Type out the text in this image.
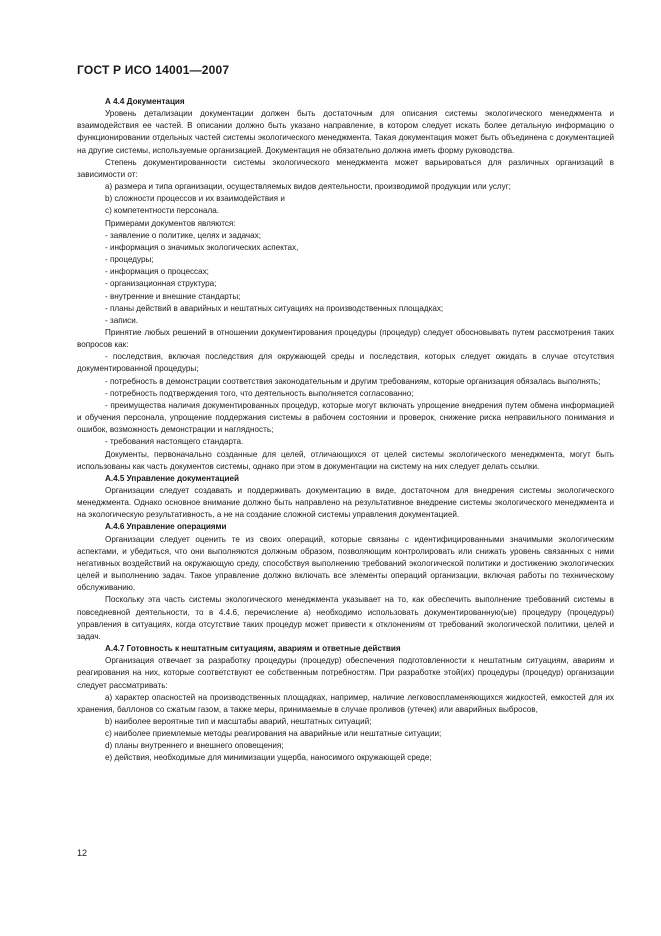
ГОСТ Р ИСО 14001—2007

А 4.4 Документация

Уровень детализации документации должен быть достаточным для описания системы экологического менеджмента и взаимодействия ее частей. В описании должно быть указано направление, в котором следует искать более детальную информацию о функционировании отдельных частей системы экологического менеджмента. Такая документация может быть объединена с документацией на другие системы, используемые организацией. Документация не обязательно должна иметь форму руководства.

Степень документированности системы экологического менеджмента может варьироваться для различных организаций в зависимости от:

a) размера и типа организации, осуществляемых видов деятельности, производимой продукции или услуг;

b) сложности процессов и их взаимодействия и

c) компетентности персонала.

Примерами документов являются:

- заявление о политике, целях и задачах;

- информация о значимых экологических аспектах,

- процедуры;

- информация о процессах;

- организационная структура;

- внутренние и внешние стандарты;

- планы действий в аварийных и нештатных ситуациях на производственных площадках;

- записи.

Принятие любых решений в отношении документирования процедуры (процедур) следует обосновывать путем рассмотрения таких вопросов как:

- последствия, включая последствия для окружающей среды и последствия, которых следует ожидать в случае отсутствия документированной процедуры;

- потребность в демонстрации соответствия законодательным и другим требованиям, которые организация обязалась выполнять;

- потребность подтверждения того, что деятельность выполняется согласованно;

- преимущества наличия документированных процедур, которые могут включать упрощение внедрения путем обмена информацией и обучения персонала, упрощение поддержания системы в рабочем состоянии и проверок, снижение риска неправильного понимания и ошибок, возможность демонстрации и наглядность;

- требования настоящего стандарта.

Документы, первоначально созданные для целей, отличающихся от целей системы экологического менеджмента, могут быть использованы как часть документов системы, однако при этом в документации на систему на них следует делать ссылки.

А.4.5 Управление документацией

Организации следует создавать и поддерживать документацию в виде, достаточном для внедрения системы экологического менеджмента. Однако основное внимание должно быть направлено на результативное внедрение системы экологического менеджмента и на экологическую результативность, а не на создание сложной системы управления документацией.

А.4.6 Управление операциями

Организации следует оценить те из своих операций, которые связаны с идентифицированными значимыми экологическим аспектами, и убедиться, что они выполняются должным образом, позволяющим контролировать или снижать уровень связанных с ними негативных воздействий на окружающую среду, способствуя выполнению требований экологической политики и достижению экологических целей и выполнению задач. Такое управление должно включать все элементы операций организации, включая работы по техническому обслуживанию.

Поскольку эта часть системы экологического менеджмента указывает на то, как обеспечить выполнение требований системы в повседневной деятельности, то в 4.4.6, перечисление а) необходимо использовать документированную(ые) процедуру (процедуры) управления в ситуациях, когда отсутствие таких процедур может привести к отклонениям от требований экологической политики, целей и задач.

А.4.7 Готовность к нештатным ситуациям, авариям и ответные действия

Организация отвечает за разработку процедуры (процедур) обеспечения подготовленности к нештатным ситуациям, авариям и реагирования на них, которые соответствуют ее собственным потребностям. При разработке этой(их) процедуры (процедур) организации следует рассматривать:

a) характер опасностей на производственных площадках, например, наличие легковоспламеняющихся жидкостей, емкостей для их хранения, баллонов со сжатым газом, а также меры, принимаемые в случае проливов (утечек) или аварийных выбросов,

b) наиболее вероятные тип и масштабы аварий, нештатных ситуаций;

c) наиболее приемлемые методы реагирования на аварийные или нештатные ситуации;

d) планы внутреннего и внешнего оповещения;

e) действия, необходимые для минимизации ущерба, наносимого окружающей среде;

12
